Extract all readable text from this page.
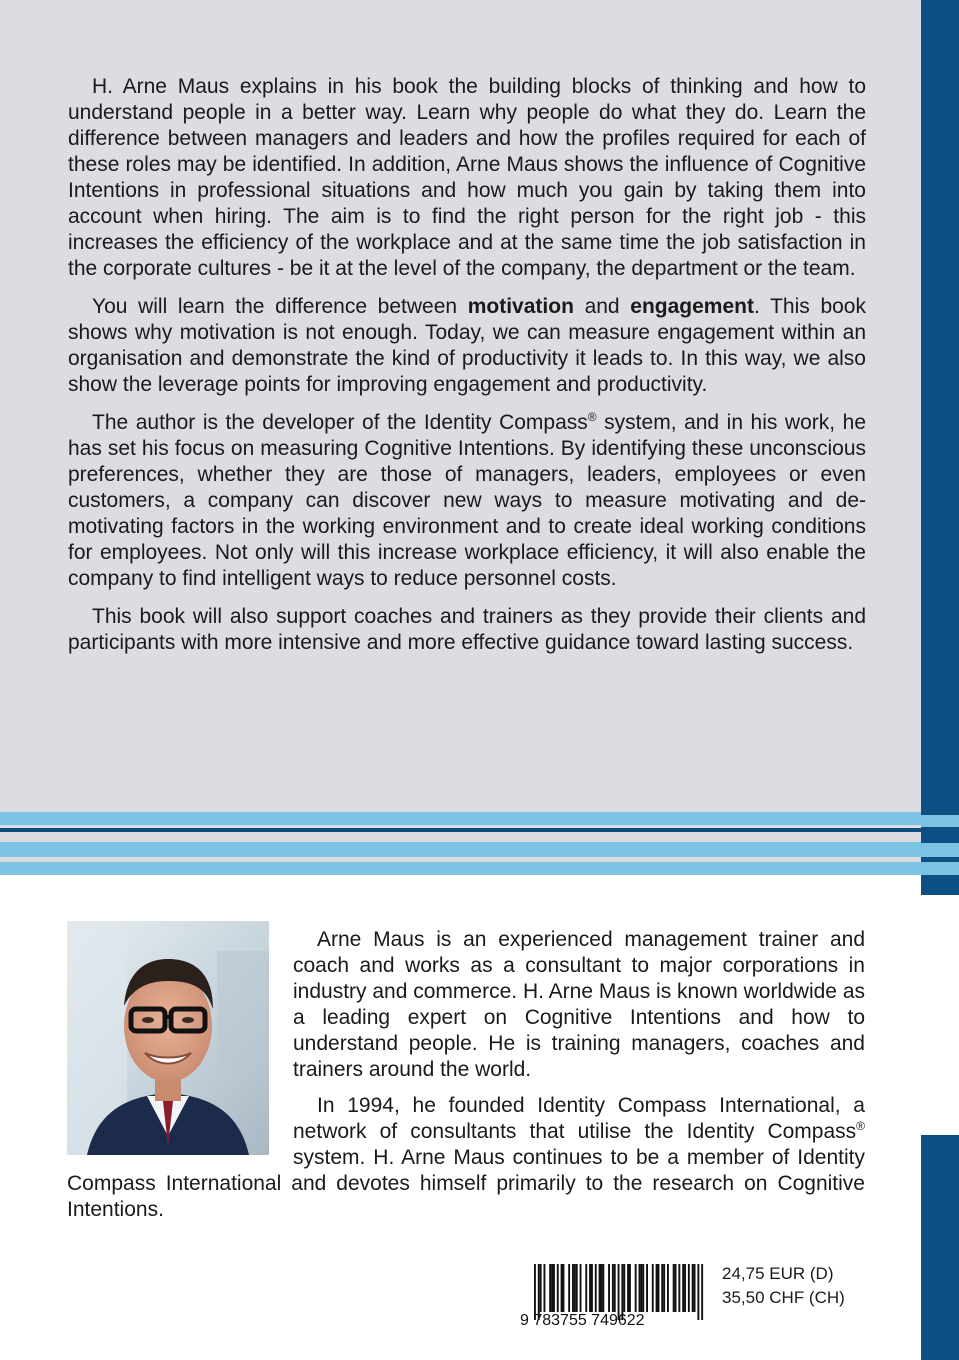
H. Arne Maus explains in his book the building blocks of thinking and how to understand people in a better way. Learn why people do what they do. Learn the difference between managers and leaders and how the profiles required for each of these roles may be identified. In addition, Arne Maus shows the influence of Cognitive Intentions in professional situations and how much you gain by taking them into account when hiring. The aim is to find the right person for the right job - this increases the efficiency of the workplace and at the same time the job satisfaction in the corporate cultures - be it at the level of the company, the department or the team.

You will learn the difference between motivation and engagement. This book shows why motivation is not enough. Today, we can measure engagement within an organisation and demonstrate the kind of productivity it leads to. In this way, we also show the leverage points for improving engagement and productivity.

The author is the developer of the Identity Compass® system, and in his work, he has set his focus on measuring Cognitive Intentions. By identifying these unconscious preferences, whether they are those of managers, leaders, employees or even customers, a company can discover new ways to measure motivating and de-motivating factors in the working environment and to create ideal working conditions for employees. Not only will this increase workplace efficiency, it will also enable the company to find intelligent ways to reduce personnel costs.

This book will also support coaches and trainers as they provide their clients and participants with more intensive and more effective guidance toward lasting success.

Arne Maus is an experienced management trainer and coach and works as a consultant to major corporations in industry and commerce. H. Arne Maus is known worldwide as a leading expert on Cognitive Intentions and how to understand people. He is training managers, coaches and trainers around the world.

In 1994, he founded Identity Compass International, a network of consultants that utilise the Identity Compass® system. H. Arne Maus continues to be a member of Identity Compass International and devotes himself primarily to the research on Cognitive Intentions.

9 783755 749622
24,75 EUR (D)
35,50 CHF (CH)
